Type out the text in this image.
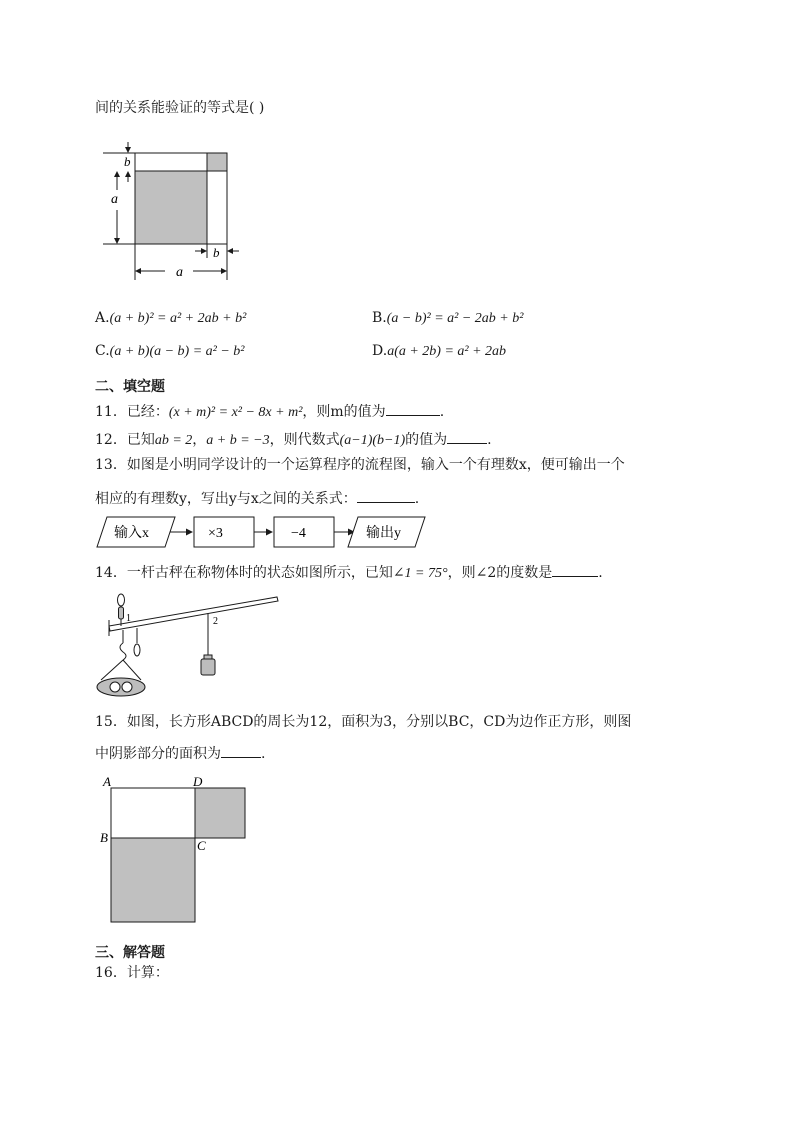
间的关系能验证的等式是( )
b
a
b
a
A.(a + b)² = a² + 2ab + b²	B.(a − b)² = a² − 2ab + b²
C.(a + b)(a − b) = a² − b²	D.a(a + 2b) = a² + 2ab
二、填空题
11．已经：(x + m)² = x² − 8x + m²，则m的值为	.
12．已知ab = 2，a + b = −3，则代数式(a−1)(b−1)的值为	.
13．如图是小明同学设计的一个运算程序的流程图，输入一个有理数x，便可输出一个
相应的有理数y，写出y与x之间的关系式：	.
输入x	×3	−4	输出y
14．一杆古秤在称物体时的状态如图所示，已知∠1 = 75°，则∠2的度数是	.
1	2
15．如图，长方形ABCD的周长为12，面积为3，分别以BC，CD为边作正方形，则图
中阴影部分的面积为	.
A	D
B
C
三、解答题
16．计算：
